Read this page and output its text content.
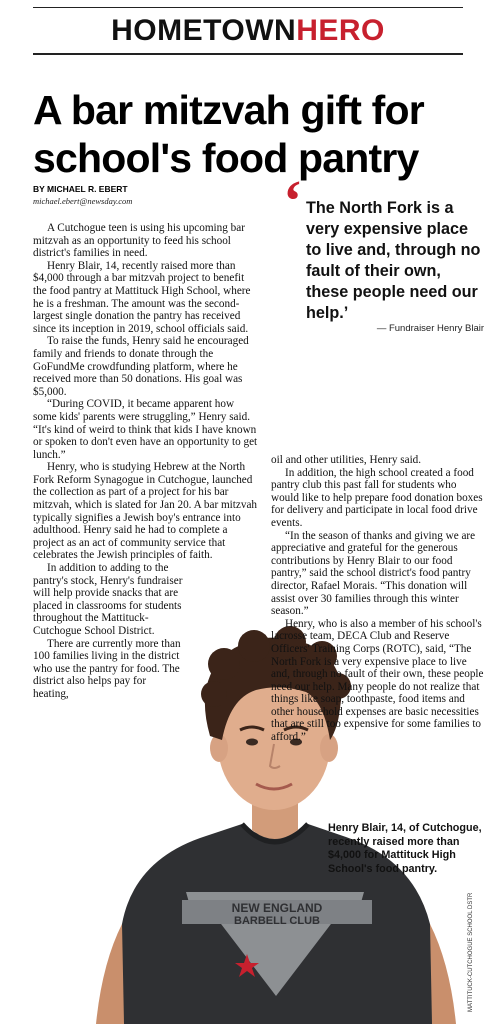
HOMETOWNHERO
A bar mitzvah gift for school's food pantry
BY MICHAEL R. EBERT
michael.ebert@newsday.com	‘ The North Fork is a very expensive place to live and, through no fault of their own, these people need our help.’
— Fundraiser Henry Blair

A Cutchogue teen is using his upcoming bar mitzvah as an opportunity to feed his school district's families in need.

Henry Blair, 14, recently raised more than $4,000 through a bar mitzvah project to benefit the food pantry at Mattituck High School, where he is a freshman. The amount was the second-largest single donation the pantry has received since its inception in 2019, school officials said.

To raise the funds, Henry said he encouraged family and friends to donate through the GoFundMe crowdfunding platform, where he received more than 50 donations. His goal was $5,000.

“During COVID, it became apparent how some kids' parents were struggling,” Henry said. “It's kind of weird to think that kids I have known or spoken to don't even have an opportunity to get lunch.”

Henry, who is studying Hebrew at the North Fork Reform Synagogue in Cutchogue, launched the collection as part of a project for his bar mitzvah, which is slated for Jan 20. A bar mitzvah typically signifies a Jewish boy's entrance into adulthood. Henry said he had to complete a project as an act of community service that celebrates the Jewish principles of faith.

In addition to adding to the pantry's stock, Henry's fundraiser will help provide snacks that are placed in classrooms for students throughout the Mattituck-Cutchogue School District.

There are currently more than 100 families living in the district who use the pantry for food. The district also helps pay for heating,

NEW ENGLAND
BARBELL CLUB

oil and other utilities, Henry said.

In addition, the high school created a food pantry club this past fall for students who would like to help prepare food donation boxes for delivery and participate in local food drive events.

“In the season of thanks and giving we are appreciative and grateful for the generous contributions by Henry Blair to our food pantry,” said the school district's food pantry director, Rafael Morais. “This donation will assist over 30 families through this winter season.”

Henry, who is also a member of his school's lacrosse team, DECA Club and Reserve Officers' Training Corps (ROTC), said, “The North Fork is a very expensive place to live and, through no fault of their own, these people need our help. Many people do not realize that things like soap, toothpaste, food items and other household expenses are basic necessities that are still too expensive for some families to afford.”

Henry Blair, 14, of Cutchogue, recently raised more than $4,000 for Mattituck High School's food pantry.
MATTITUCK-CUTCHOGUE SCHOOL DSTR
